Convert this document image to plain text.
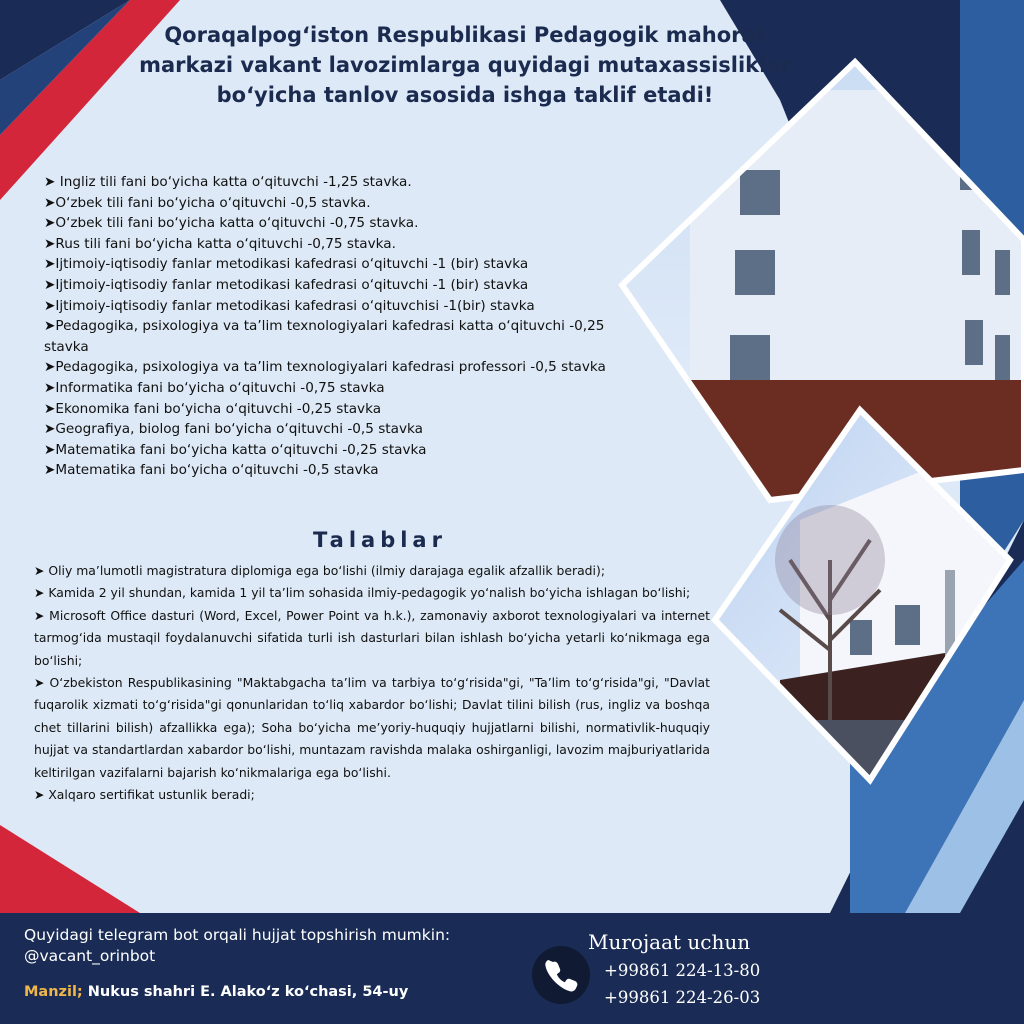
Qoraqalpog‘iston Respublikasi Pedagogik mahorat markazi vakant lavozimlarga quyidagi mutaxassisliklar bo‘yicha tanlov asosida ishga taklif etadi!
➤ Ingliz tili fani bo‘yicha katta o‘qituvchi -1,25 stavka.
➤O‘zbek tili fani bo‘yicha o‘qituvchi -0,5 stavka.
➤O‘zbek tili fani bo‘yicha katta o‘qituvchi -0,75 stavka.
➤Rus tili fani bo‘yicha katta o‘qituvchi -0,75 stavka.
➤Ijtimoiy-iqtisodiy fanlar metodikasi kafedrasi o‘qituvchi -1 (bir) stavka
➤Ijtimoiy-iqtisodiy fanlar metodikasi kafedrasi o‘qituvchi -1 (bir) stavka
➤Ijtimoiy-iqtisodiy fanlar metodikasi kafedrasi o‘qituvchisi -1(bir) stavka
➤Pedagogika, psixologiya va ta’lim texnologiyalari kafedrasi katta o‘qituvchi -0,25 stavka
➤Pedagogika, psixologiya va ta’lim texnologiyalari kafedrasi professori -0,5 stavka
➤Informatika fani bo‘yicha o‘qituvchi -0,75 stavka
➤Ekonomika fani bo‘yicha o‘qituvchi -0,25 stavka
➤Geografiya, biolog fani bo‘yicha o‘qituvchi -0,5 stavka
➤Matematika fani bo‘yicha katta o‘qituvchi -0,25 stavka
➤Matematika fani bo‘yicha o‘qituvchi -0,5 stavka
Talablar
➤ Oliy ma’lumotli magistratura diplomiga ega bo‘lishi (ilmiy darajaga egalik afzallik beradi);
➤ Kamida 2 yil shundan, kamida 1 yil ta’lim sohasida ilmiy-pedagogik yo‘nalish bo‘yicha ishlagan bo‘lishi;
➤ Microsoft Office dasturi (Word, Excel, Power Point va h.k.), zamonaviy axborot texnologiyalari va internet tarmog‘ida mustaqil foydalanuvchi sifatida turli ish dasturlari bilan ishlash bo‘yicha yetarli ko‘nikmaga ega bo‘lishi;
➤ O‘zbekiston Respublikasining "Maktabgacha ta’lim va tarbiya to‘g‘risida"gi, "Ta’lim to‘g‘risida"gi, "Davlat fuqarolik xizmati to‘g‘risida"gi qonunlaridan to‘liq xabardor bo‘lishi; Davlat tilini bilish (rus, ingliz va boshqa chet tillarini bilish) afzallikka ega); Soha bo‘yicha me’yoriy-huquqiy hujjatlarni bilishi, normativlik-huquqiy hujjat va standartlardan xabardor bo‘lishi, muntazam ravishda malaka oshirganligi, lavozim majburiyatlarida keltirilgan vazifalarni bajarish ko‘nikmalariga ega bo‘lishi.
➤ Xalqaro sertifikat ustunlik beradi;
Quyidagi telegram bot orqali hujjat topshirish mumkin:
@vacant_orinbot
Manzil; Nukus shahri E. Alako‘z ko‘chasi, 54-uy
Murojaat uchun
+99861 224-13-80
+99861 224-26-03
